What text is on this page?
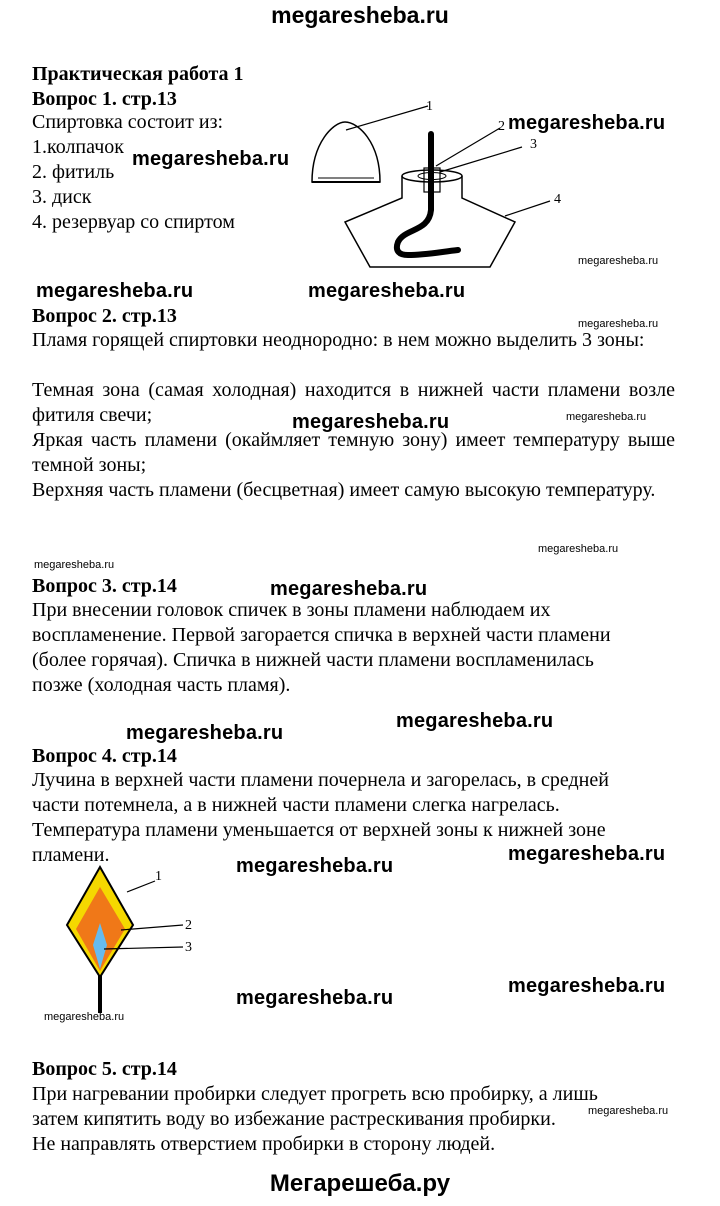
megaresheba.ru
Практическая работа 1
Вопрос 1. стр.13
Спиртовка состоит из:
1.колпачок
2. фитиль
3. диск
4. резервуар со спиртом
1
2
3
4
megaresheba.ru
megaresheba.ru
megaresheba.ru
megaresheba.ru	megaresheba.ru
megaresheba.ru
Вопрос 2. стр.13
Пламя горящей спиртовки неоднородно: в нем можно выделить 3 зоны:
Темная зона (самая холодная) находится в нижней части пламени возле фитиля свечи;
Яркая часть пламени (окаймляет темную зону) имеет температуру выше темной зоны;
Верхняя часть пламени (бесцветная) имеет самую высокую температуру.
megaresheba.ru	megaresheba.ru
megaresheba.ru
megaresheba.ru
Вопрос 3. стр.14	megaresheba.ru
При внесении головок спичек в зоны пламени наблюдаем их
воспламенение. Первой загорается спичка в верхней части пламени
(более горячая). Спичка в нижней части пламени воспламенилась
позже (холодная часть пламя).
megaresheba.ru
megaresheba.ru
Вопрос 4. стр.14
Лучина в верхней части пламени почернела и загорелась, в средней
части потемнела, а в нижней части пламени слегка нагрелась.
Температура пламени уменьшается от верхней зоны к нижней зоне
пламени.	megaresheba.ru
megaresheba.ru
1
2
3
megaresheba.ru
megaresheba.ru
megaresheba.ru
Вопрос 5. стр.14
При нагревании пробирки следует прогреть всю пробирку, а лишь
затем кипятить воду во избежание растрескивания пробирки.
Не направлять отверстием пробирки в сторону людей.
megaresheba.ru
Мегарешеба.ру
